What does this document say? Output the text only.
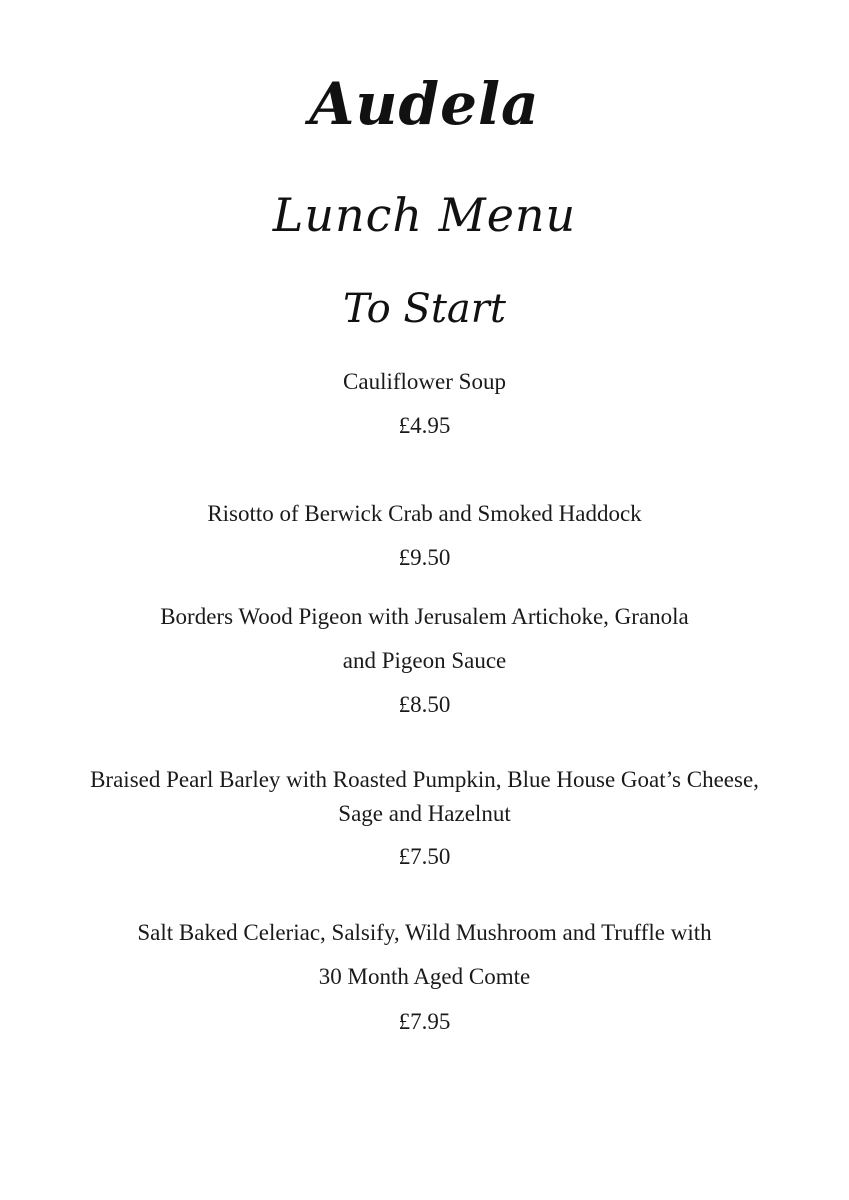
Audela
Lunch Menu
To Start
Cauliflower Soup
£4.95
Risotto of Berwick Crab and Smoked Haddock
£9.50
Borders Wood Pigeon with Jerusalem Artichoke, Granola
and Pigeon Sauce
£8.50
Braised Pearl Barley with Roasted Pumpkin, Blue House Goat’s Cheese,
Sage and Hazelnut
£7.50
Salt Baked Celeriac, Salsify, Wild Mushroom and Truffle with
30 Month Aged Comte
£7.95
